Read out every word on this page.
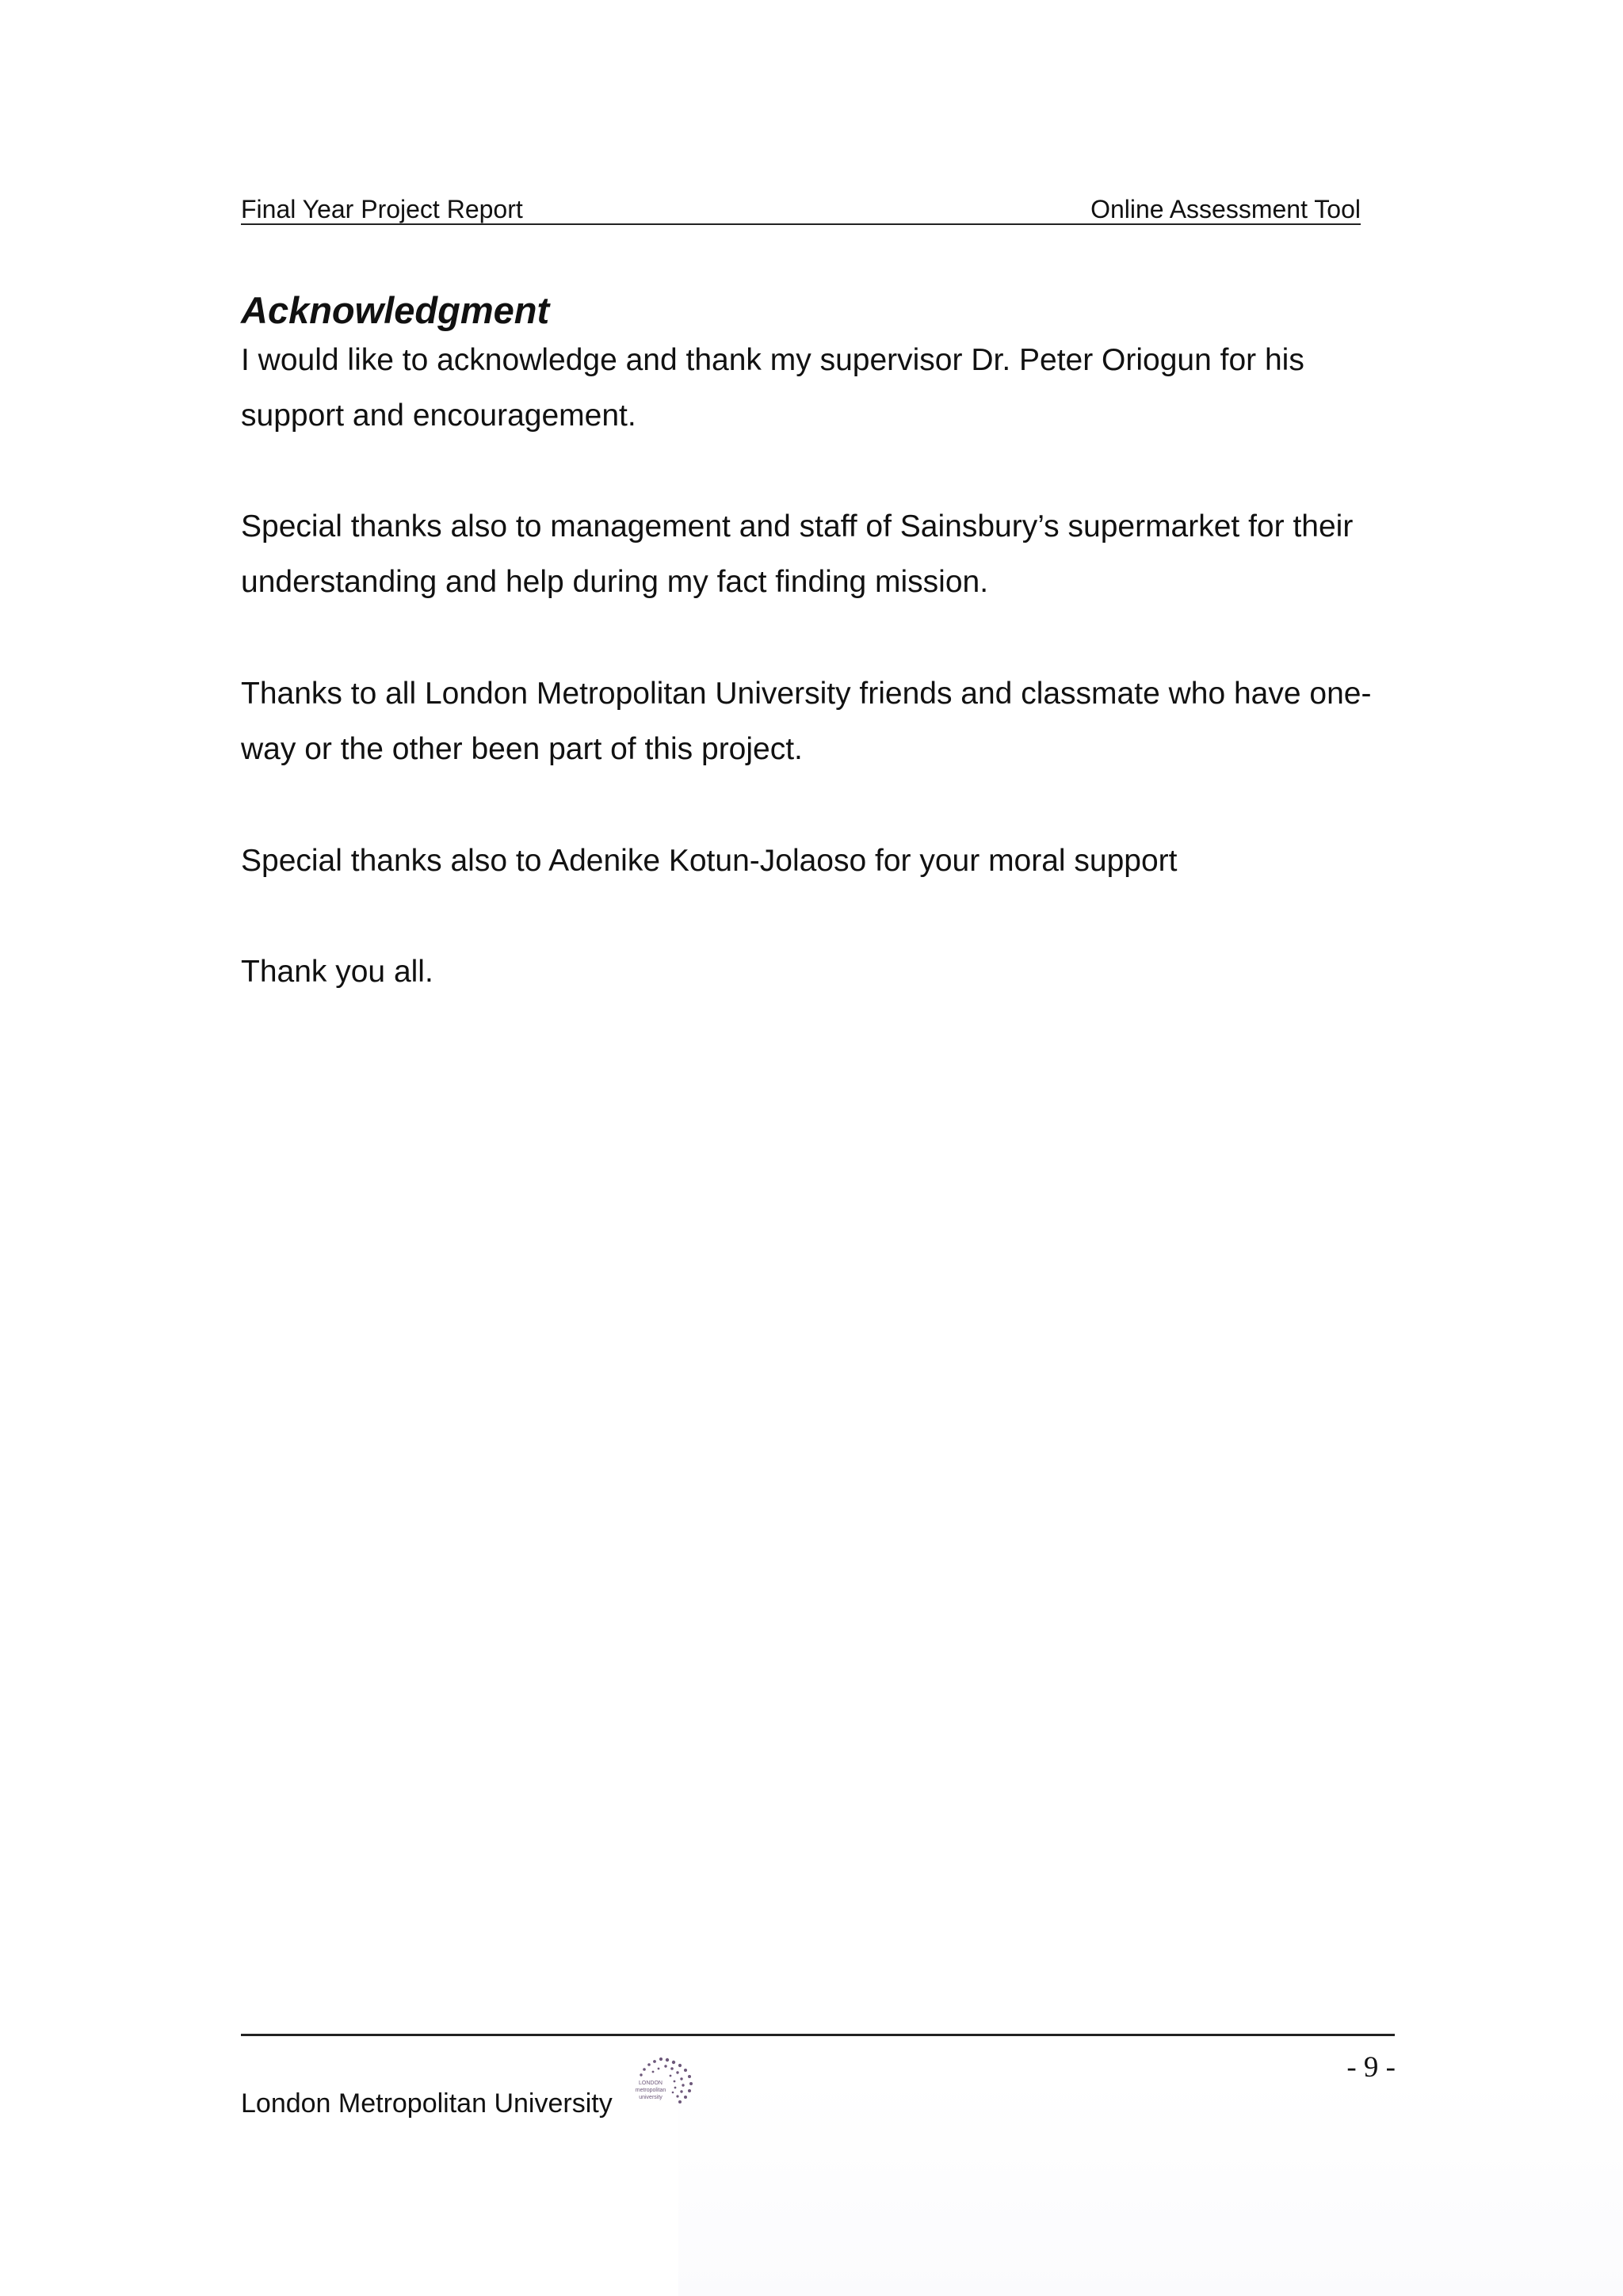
Final Year Project Report	Online Assessment Tool
Acknowledgment

I would like to acknowledge and thank my supervisor Dr. Peter Oriogun for his support and encouragement.

Special thanks also to management and staff of Sainsbury’s supermarket for their understanding and help during my fact finding mission.

Thanks to all London Metropolitan University friends and classmate who have one-way or the other been part of this project.

Special thanks also to Adenike Kotun-Jolaoso for your moral support

Thank you all.

- 9 -
London Metropolitan University
LONDON
metropolitan
university
